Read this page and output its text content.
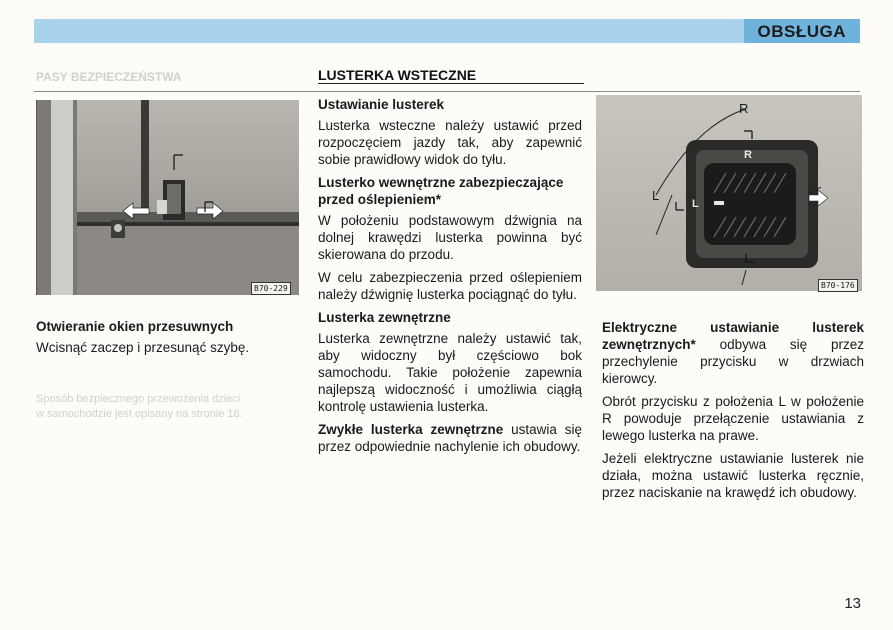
OBSŁUGA
PASY BEZPIECZEŃSTWA
Sposób bezpiecznego przewożenia dzieci
w samochodzie jest opisany na stronie 18.
LUSTERKA WSTECZNE
B70-229
Otwieranie okien przesuwnych

Wcisnąć zaczep i przesunąć szybę.

Ustawianie lusterek

Lusterka wsteczne należy ustawić przed rozpoczęciem jazdy tak, aby zapewnić sobie prawidłowy widok do tyłu.

Lusterko wewnętrzne zabezpieczające przed oślepieniem*

W położeniu podstawowym dźwignia na dolnej krawędzi lusterka powinna być skierowana do przodu.

W celu zabezpieczenia przed oślepieniem należy dźwignię lusterka pociągnąć do tyłu.

Lusterka zewnętrzne

Lusterka zewnętrzne należy ustawić tak, aby widoczny był częściowo bok samochodu. Takie położenie zapewnia najlepszą widoczność i umożliwia ciągłą kontrolę ustawienia lusterka.

Zwykłe lusterka zewnętrzne ustawia się przez odpowiednie nachylenie ich obudowy.

R
L
R
L
B70-176

Elektryczne ustawianie lusterek zewnętrznych* odbywa się przez przechylenie przycisku w drzwiach kierowcy.

Obrót przycisku z położenia L w położenie R powoduje przełączenie ustawiania z lewego lusterka na prawe.

Jeżeli elektryczne ustawianie lusterek nie działa, można ustawić lusterka ręcznie, przez naciskanie na krawędź ich obudowy.

13
